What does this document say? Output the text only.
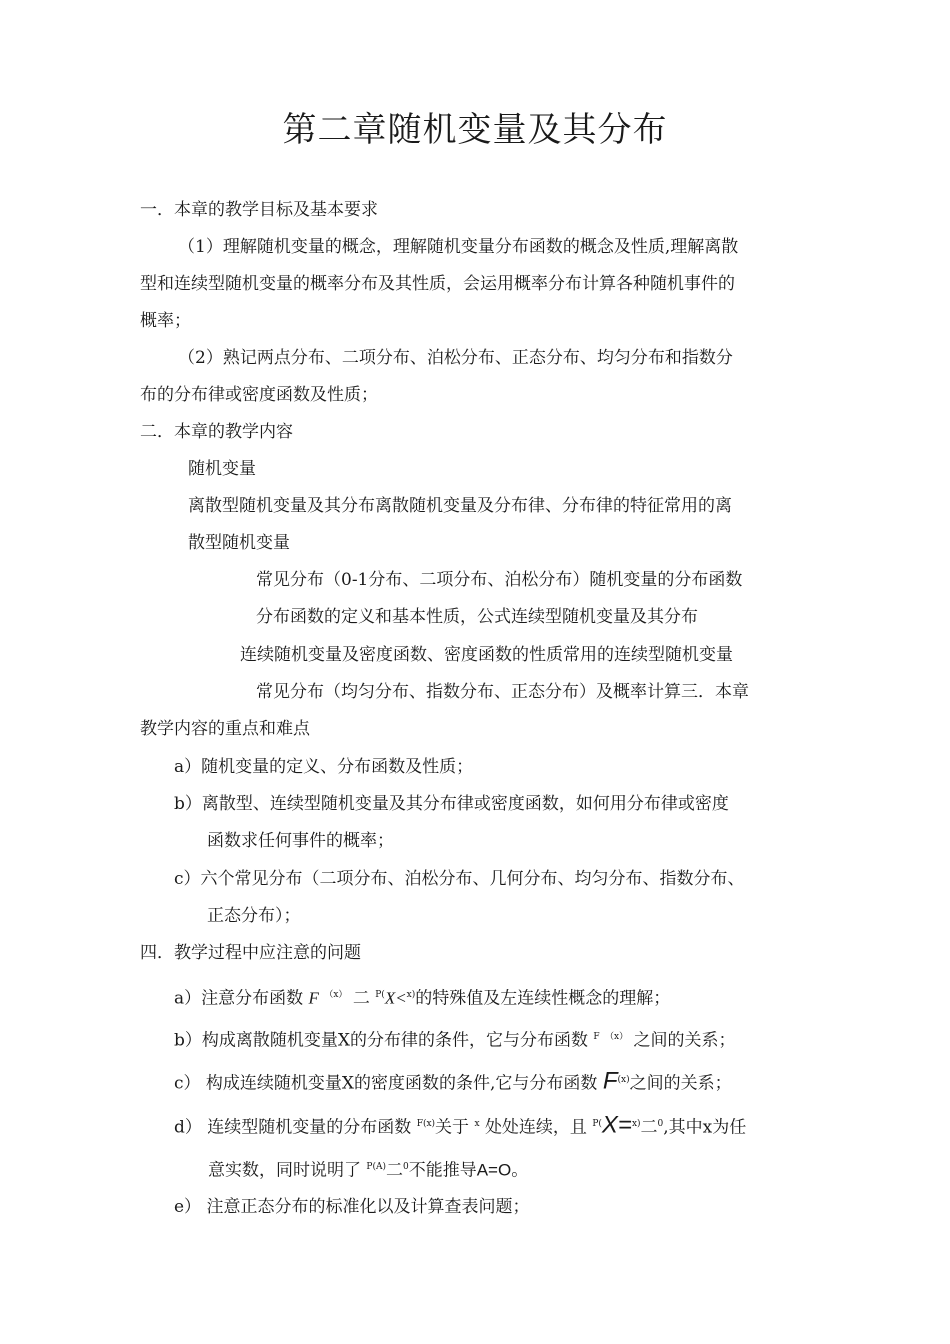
第二章随机变量及其分布
一．本章的教学目标及基本要求
（1）理解随机变量的概念，理解随机变量分布函数的概念及性质,理解离散
型和连续型随机变量的概率分布及其性质，会运用概率分布计算各种随机事件的
概率；
（2）熟记两点分布、二项分布、泊松分布、正态分布、均匀分布和指数分
布的分布律或密度函数及性质；
二．本章的教学内容
随机变量
离散型随机变量及其分布离散随机变量及分布律、分布律的特征常用的离
散型随机变量
常见分布（0-1分布、二项分布、泊松分布）随机变量的分布函数
分布函数的定义和基本性质，公式连续型随机变量及其分布
连续随机变量及密度函数、密度函数的性质常用的连续型随机变量
常见分布（均匀分布、指数分布、正态分布）及概率计算三．本章
教学内容的重点和难点
a）随机变量的定义、分布函数及性质；
b）离散型、连续型随机变量及其分布律或密度函数，如何用分布律或密度
函数求任何事件的概率；
c）六个常见分布（二项分布、泊松分布、几何分布、均匀分布、指数分布、
正态分布）；
四．教学过程中应注意的问题
a）注意分布函数 F $^{(x)}$ 二 $^{P(}$X<$^{x)}$的特殊值及左连续性概念的理解；
b）构成离散随机变量X的分布律的条件，它与分布函数 $^F$ $^{(x)}$ 之间的关系；
c） 构成连续随机变量X的密度函数的条件,它与分布函数 $F^{(x)}$之间的关系；
d） 连续型随机变量的分布函数 $^{F(x)}$关于 $^x$ 处处连续，且 $^{P(}$X=$^{x)}$二$^0$,其中x为任
意实数，同时说明了 $^{P(A)}$二$^0$不能推导A=O。
e） 注意正态分布的标准化以及计算查表问题；
